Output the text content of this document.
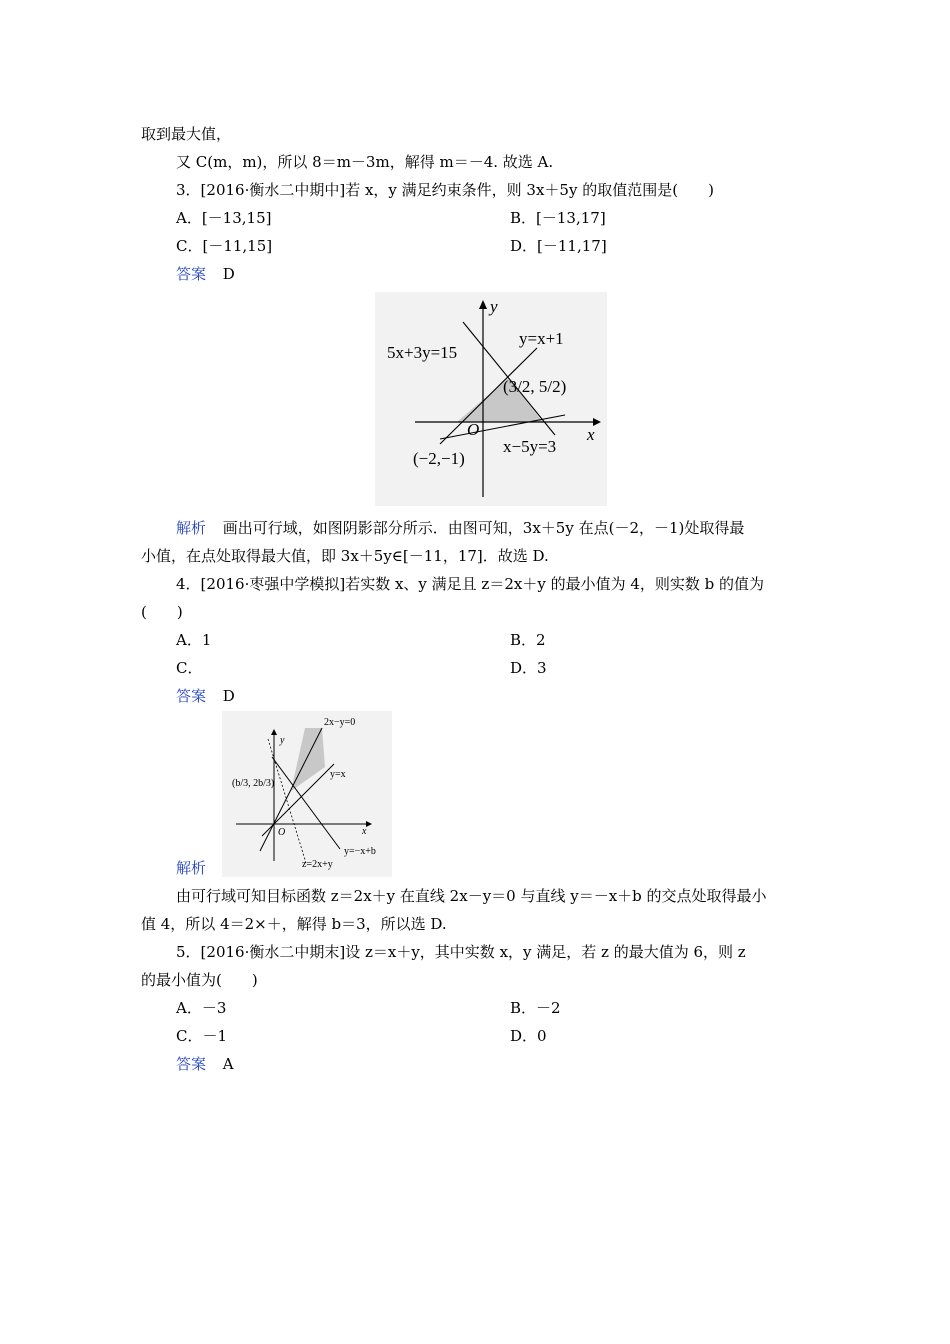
取到最大值，
又 C(m，m)，所以 8＝m－3m，解得 m＝－4. 故选 A.
3．[2016·衡水二中期中]若 x，y 满足约束条件，则 3x＋5y 的取值范围是(　　)
A．[－13,15]	B．[－13,17]
C．[－11,15]	D．[－11,17]
答案 D
y
x
O
5x+3y=15
y=x+1
(3/2, 5/2)
x−5y=3
(−2,−1)
解析 画出可行域，如图阴影部分所示．由图可知，3x＋5y 在点(－2，－1)处取得最
小值，在点处取得最大值，即 3x＋5y∈[－11，17]．故选 D.
4．[2016·枣强中学模拟]若实数 x、y 满足且 z＝2x＋y 的最小值为 4，则实数 b 的值为
(　　)
A．1	B．2
C．	D．3
答案 D
y
x
O
2x−y=0
y=x
(b/3, 2b/3)
y=−x+b
z=2x+y
解析
由可行域可知目标函数 z＝2x＋y 在直线 2x－y＝0 与直线 y＝－x＋b 的交点处取得最小
值 4，所以 4＝2×＋，解得 b＝3，所以选 D.
5．[2016·衡水二中期末]设 z＝x＋y，其中实数 x，y 满足，若 z 的最大值为 6，则 z
的最小值为(　　)
A．－3	B．－2
C．－1	D．0
答案 A
